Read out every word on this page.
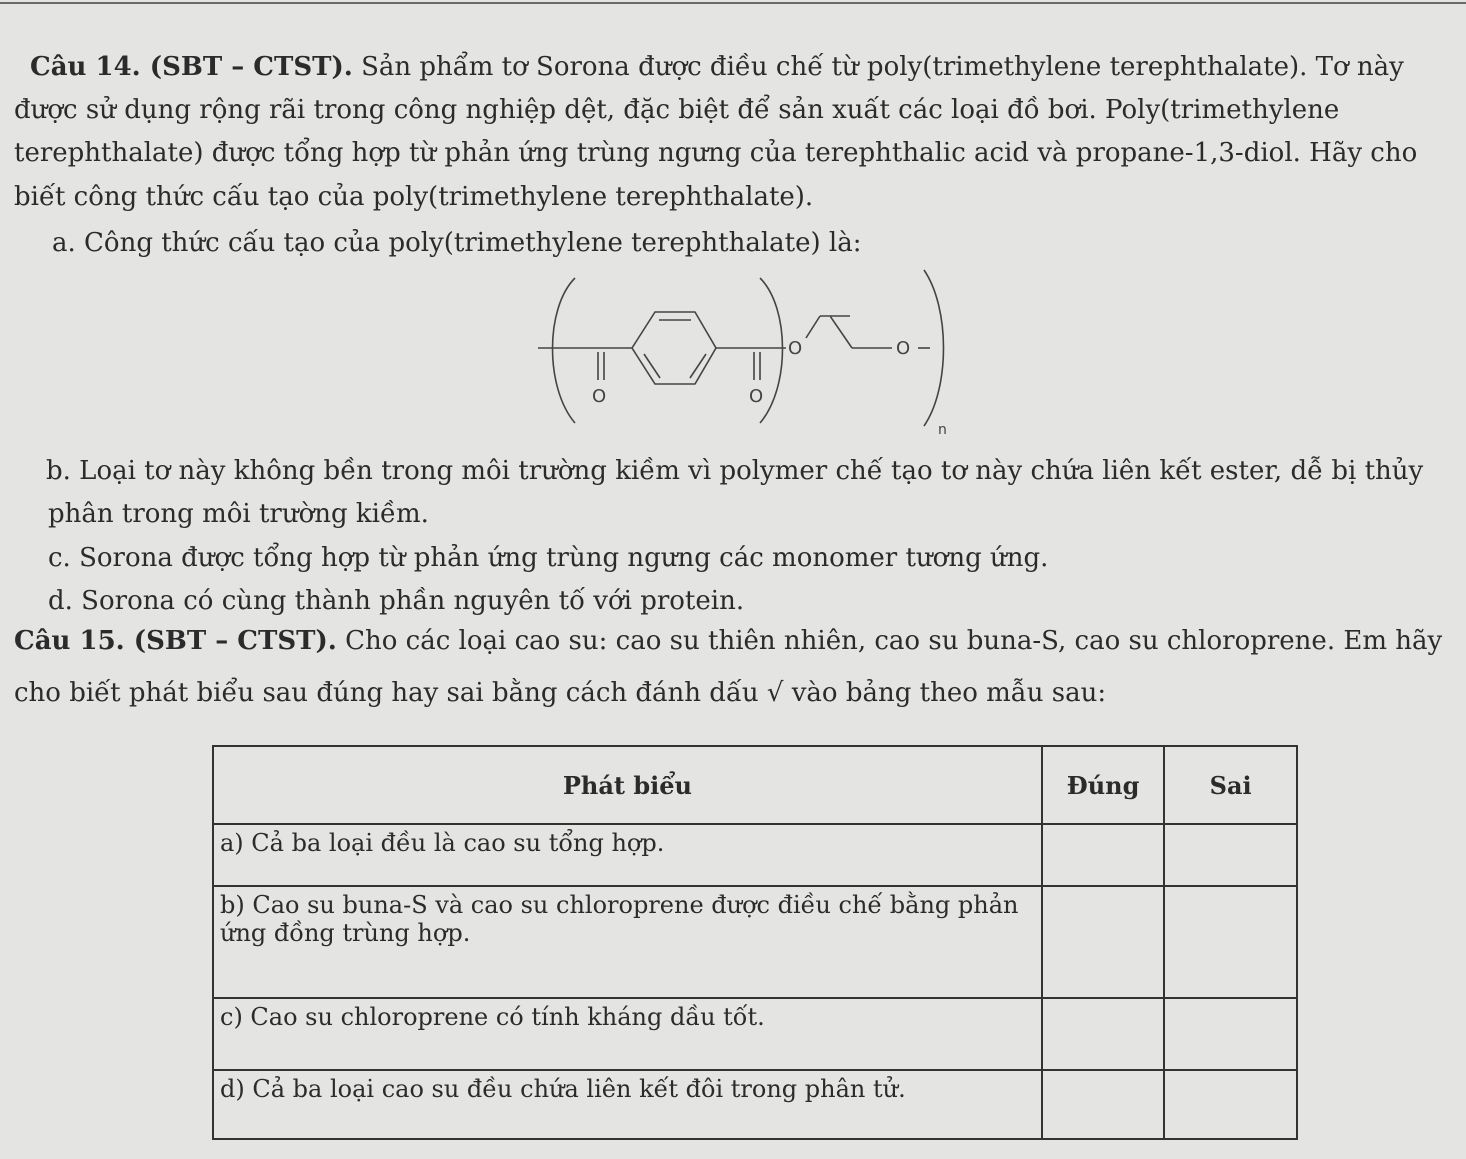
Câu 14. (SBT – CTST). Sản phẩm tơ Sorona được điều chế từ poly(trimethylene terephthalate). Tơ này
được sử dụng rộng rãi trong công nghiệp dệt, đặc biệt để sản xuất các loại đồ bơi. Poly(trimethylene
terephthalate) được tổng hợp từ phản ứng trùng ngưng của terephthalic acid và propane-1,3-diol. Hãy cho
biết công thức cấu tạo của poly(trimethylene terephthalate).
a. Công thức cấu tạo của poly(trimethylene terephthalate) là:
O	O
O	O
n
b. Loại tơ này không bền trong môi trường kiềm vì polymer chế tạo tơ này chứa liên kết ester, dễ bị thủy
phân trong môi trường kiềm.
c. Sorona được tổng hợp từ phản ứng trùng ngưng các monomer tương ứng.
d. Sorona có cùng thành phần nguyên tố với protein.
Câu 15. (SBT – CTST). Cho các loại cao su: cao su thiên nhiên, cao su buna-S, cao su chloroprene. Em hãy
cho biết phát biểu sau đúng hay sai bằng cách đánh dấu √ vào bảng theo mẫu sau:
Phát biểu	Đúng	Sai
a) Cả ba loại đều là cao su tổng hợp.		
b) Cao su buna-S và cao su chloroprene được điều chế bằng phản ứng đồng trùng hợp.		
c) Cao su chloroprene có tính kháng dầu tốt.		
d) Cả ba loại cao su đều chứa liên kết đôi trong phân tử.		
